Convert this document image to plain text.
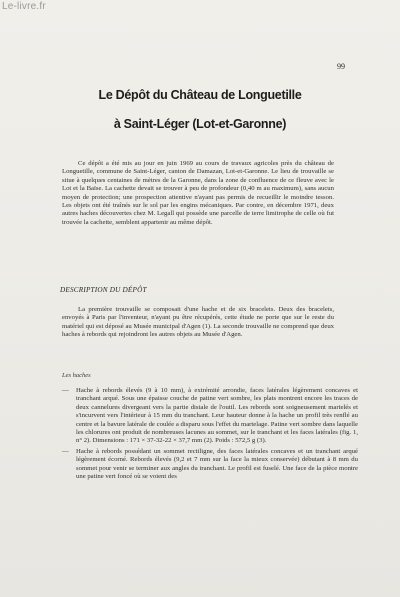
Le-livre.fr
99
Le Dépôt du Château de Longuetille
à Saint-Léger (Lot-et-Garonne)

Ce dépôt a été mis au jour en juin 1969 au cours de travaux agricoles près du château de Longuetille, commune de Saint-Léger, canton de Damazan, Lot-et-Garonne. Le lieu de trouvaille se situe à quelques centaines de mètres de la Garonne, dans la zone de confluence de ce fleuve avec le Lot et la Baïse. La cachette devait se trouver à peu de profondeur (0,40 m au maximum), sans aucun moyen de protection; une prospection attentive n'ayant pas permis de recueillir le moindre tesson. Les objets ont été traînés sur le sol par les engins mécaniques. Par contre, en décembre 1971, deux autres haches découvertes chez M. Legall qui possède une parcelle de terre limitrophe de celle où fut trouvée la cachette, semblent appartenir au même dépôt.

DESCRIPTION DU DÉPÔT

La première trouvaille se composait d'une hache et de six bracelets. Deux des bracelets, envoyés à Paris par l'inventeur, n'ayant pu être récupérés, cette étude ne porte que sur le reste du matériel qui est déposé au Musée municipal d'Agen (1). La seconde trouvaille ne comprend que deux haches à rebords qui rejoindront les autres objets au Musée d'Agen.

Les haches
— Hache à rebords élevés (9 à 10 mm), à extrémité arrondie, faces latérales légèrement concaves et tranchant arqué. Sous une épaisse couche de patine vert sombre, les plats montrent encore les traces de deux cannelures divergeant vers la partie distale de l'outil. Les rebords sont soigneusement martelés et s'incurvent vers l'intérieur à 15 mm du tranchant. Leur hauteur donne à la hache un profil très renflé au centre et la bavure latérale de coulée a disparu sous l'effet du martelage. Patine vert sombre dans laquelle les chlorures ont produit de nombreuses lacunes au sommet, sur le tranchant et les faces latérales (fig. 1, n° 2). Dimensions : 171 × 37-32-22 × 37,7 mm (2). Poids : 572,5 g (3).
— Hache à rebords possédant un sommet rectiligne, des faces latérales concaves et un tranchant arqué légèrement écorné. Rebords élevés (9,2 et 7 mm sur la face la mieux conservée) débutant à 8 mm du sommet pour venir se terminer aux angles du tranchant. Le profil est fuselé. Une face de la pièce montre une patine vert foncé où se voient des
